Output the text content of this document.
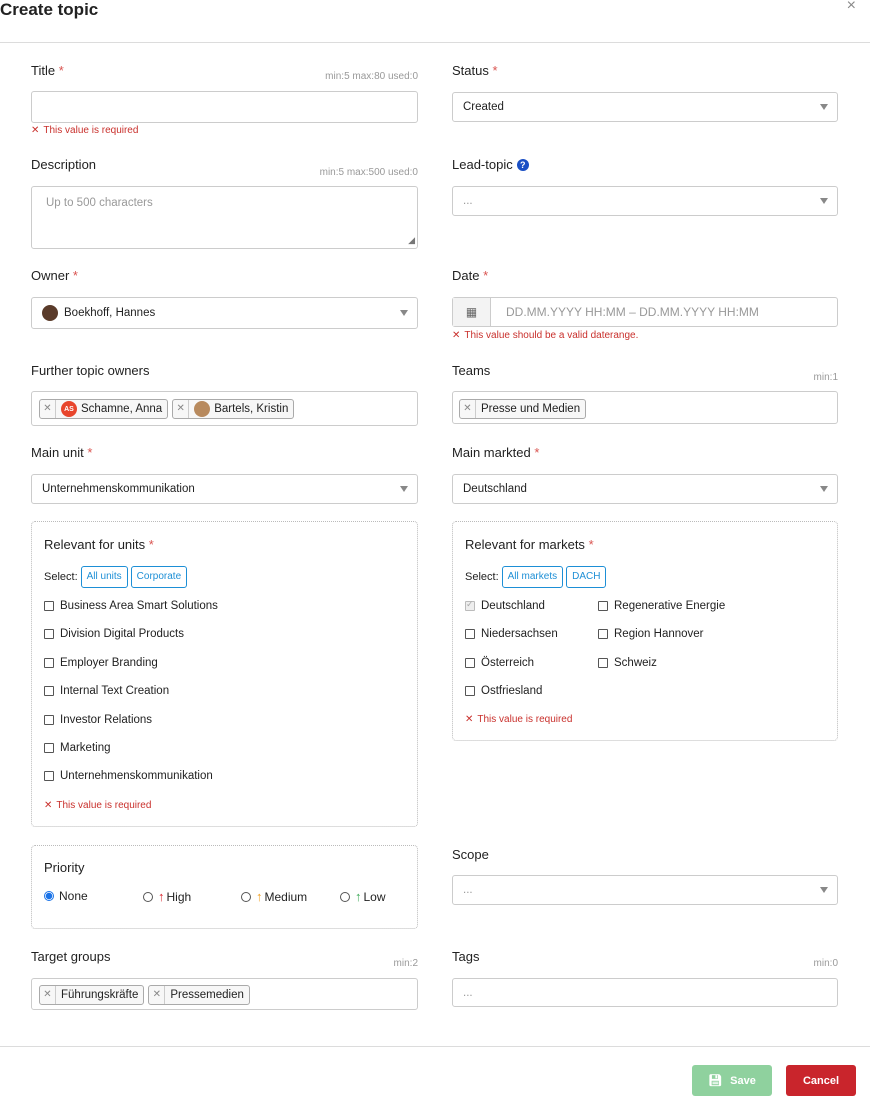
Create topic	×
Title *	min:5 max:80 used:0
✕ This value is required
Description
min:5 max:500 used:0
Up to 500 characters
◢
Owner *
Boekhoff, Hannes
Further topic owners
✕	AS Schamne, Anna	✕	Bartels, Kristin
Main unit *
Unternehmenskommunikation
Relevant for units *
Select: All units	Corporate
Business Area Smart Solutions
Division Digital Products
Employer Branding
Internal Text Creation
Investor Relations
Marketing
Unternehmenskommunikation
✕ This value is required
Priority
None	↑ High	↑ Medium	↑ Low
Target groups	min:2
✕ Führungskräfte	✕ Pressemedien
Status *
Created
Lead-topic ?
...
Date *
▦	DD.MM.YYYY HH:MM – DD.MM.YYYY HH:MM
✕ This value should be a valid daterange.
Teams	min:1
✕ Presse und Medien
Main markted *
Deutschland
Relevant for markets *
Select: All markets	DACH
✓
Deutschland
Niedersachsen
Österreich
Ostfriesland
Regenerative Energie
Region Hannover
Schweiz
✕ This value is required
Scope
...
Tags	min:0
...
💾︎ Save	Cancel
